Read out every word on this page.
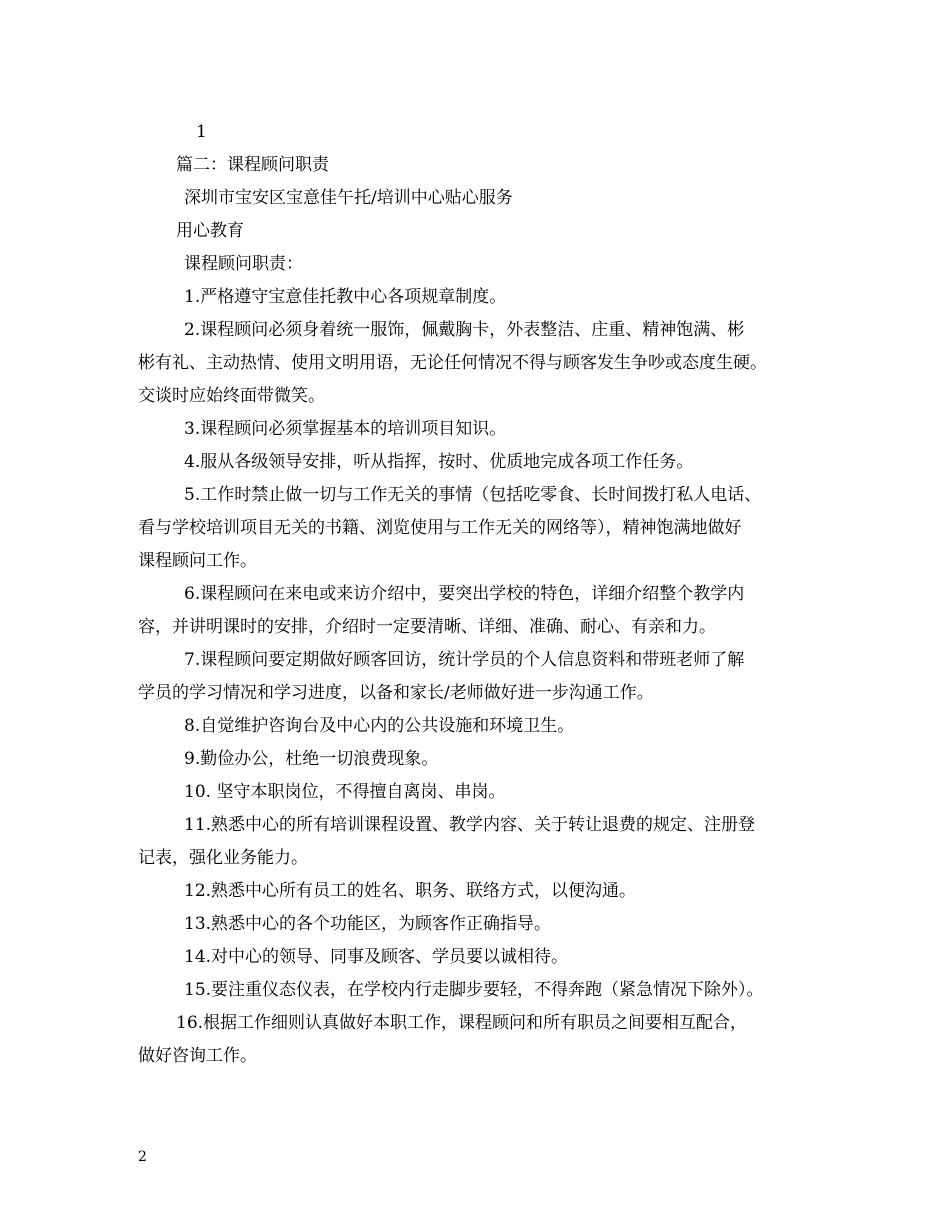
1
篇二：课程顾问职责
深圳市宝安区宝意佳午托/培训中心贴心服务
用心教育
课程顾问职责：
1.严格遵守宝意佳托教中心各项规章制度。
2.课程顾问必须身着统一服饰，佩戴胸卡，外表整洁、庄重、精神饱满、彬
彬有礼、主动热情、使用文明用语，无论任何情况不得与顾客发生争吵或态度生硬。
交谈时应始终面带微笑。
3.课程顾问必须掌握基本的培训项目知识。
4.服从各级领导安排，听从指挥，按时、优质地完成各项工作任务。
5.工作时禁止做一切与工作无关的事情（包括吃零食、长时间拨打私人电话、
看与学校培训项目无关的书籍、浏览使用与工作无关的网络等），精神饱满地做好
课程顾问工作。
6.课程顾问在来电或来访介绍中，要突出学校的特色，详细介绍整个教学内
容，并讲明课时的安排，介绍时一定要清晰、详细、准确、耐心、有亲和力。
7.课程顾问要定期做好顾客回访，统计学员的个人信息资料和带班老师了解
学员的学习情况和学习进度，以备和家长/老师做好进一步沟通工作。
8.自觉维护咨询台及中心内的公共设施和环境卫生。
9.勤俭办公，杜绝一切浪费现象。
10. 坚守本职岗位，不得擅自离岗、串岗。
11.熟悉中心的所有培训课程设置、教学内容、关于转让退费的规定、注册登
记表，强化业务能力。
12.熟悉中心所有员工的姓名、职务、联络方式，以便沟通。
13.熟悉中心的各个功能区，为顾客作正确指导。
14.对中心的领导、同事及顾客、学员要以诚相待。
15.要注重仪态仪表，在学校内行走脚步要轻，不得奔跑（紧急情况下除外）。
16.根据工作细则认真做好本职工作，课程顾问和所有职员之间要相互配合，
做好咨询工作。
2
